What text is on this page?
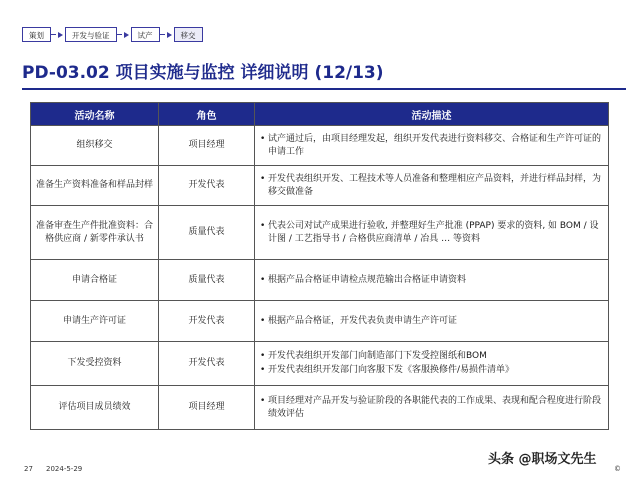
策划	开发与验证	试产	移交
PD-03.02 项目实施与监控 详细说明 (12/13)
活动名称	角色	活动描述
组织移交	项目经理	• 试产通过后，由项目经理发起，组织开发代表进行资料移交、合格证和生产许可证的申请工作

准备生产资料准备和样品封样	开发代表	• 开发代表组织开发、工程技术等人员准备和整理相应产品资料，并进行样品封样，为移交做准备

准备审查生产件批准资料：合格供应商 / 新零件承认书	质量代表	• 代表公司对试产成果进行验收, 并整理好生产批准 (PPAP) 要求的资料, 如 BOM / 设计图 / 工艺指导书 / 合格供应商清单 / 冶具 … 等资料

申请合格证	质量代表	• 根据产品合格证申请检点规范输出合格证申请资料

申请生产许可证	开发代表	• 根据产品合格证，开发代表负责申请生产许可证

下发受控资料	开发代表	• 开发代表组织开发部门向制造部门下发受控图纸和BOM
• 开发代表组织开发部门向客服下发《客服换修件/易损件清单》

评估项目成员绩效	项目经理	• 项目经理对产品开发与验证阶段的各职能代表的工作成果、表现和配合程度进行阶段绩效评估
27 2024-5-29
头条 @职场文先生
©
